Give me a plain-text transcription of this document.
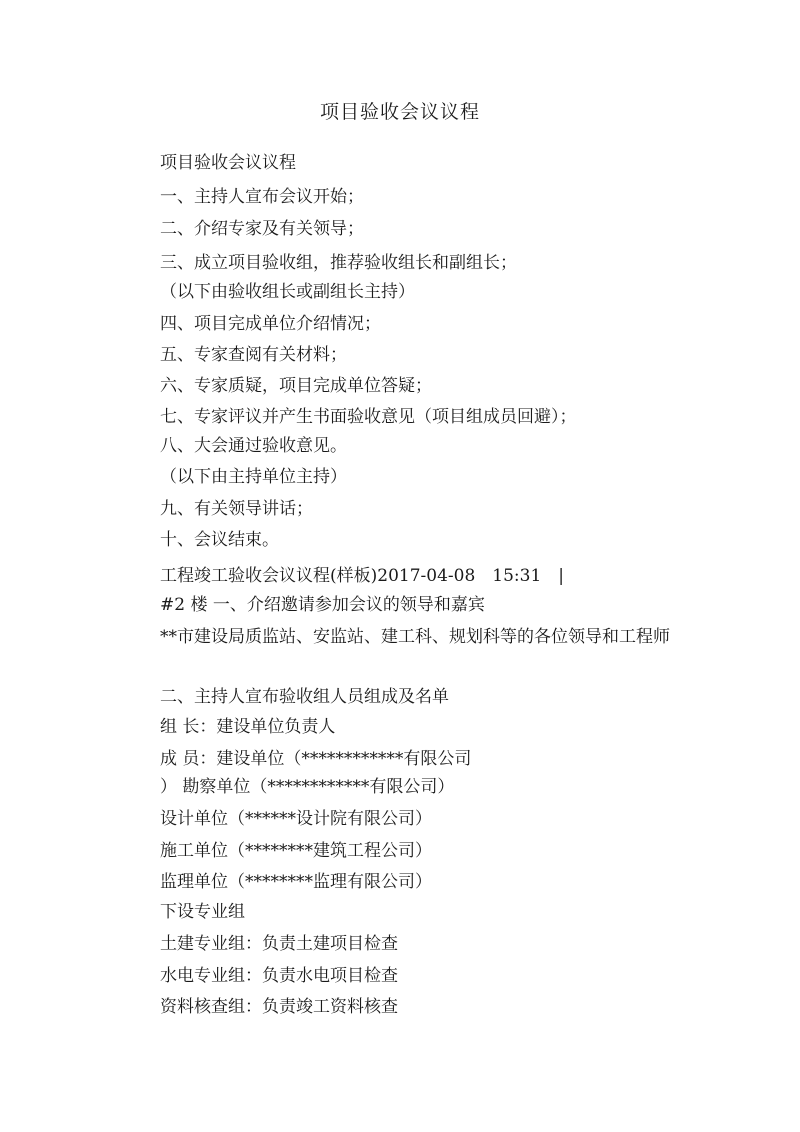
项目验收会议议程
项目验收会议议程
一、主持人宣布会议开始；
二、介绍专家及有关领导；
三、成立项目验收组，推荐验收组长和副组长；
（以下由验收组长或副组长主持）
四、项目完成单位介绍情况；
五、专家查阅有关材料；
六、专家质疑，项目完成单位答疑；
七、专家评议并产生书面验收意见（项目组成员回避）；
八、大会通过验收意见。
（以下由主持单位主持）
九、有关领导讲话；
十、会议结束。
工程竣工验收会议议程(样板)2017-04-08　15:31　|
#2 楼 一、介绍邀请参加会议的领导和嘉宾
**市建设局质监站、安监站、建工科、规划科等的各位领导和工程师
二、主持人宣布验收组人员组成及名单
组 长：建设单位负责人
成 员：建设单位（************有限公司
） 勘察单位（************有限公司）
设计单位（******设计院有限公司）
施工单位（********建筑工程公司）
监理单位（********监理有限公司）
下设专业组
土建专业组：负责土建项目检查
水电专业组：负责水电项目检查
资料核查组：负责竣工资料核查
